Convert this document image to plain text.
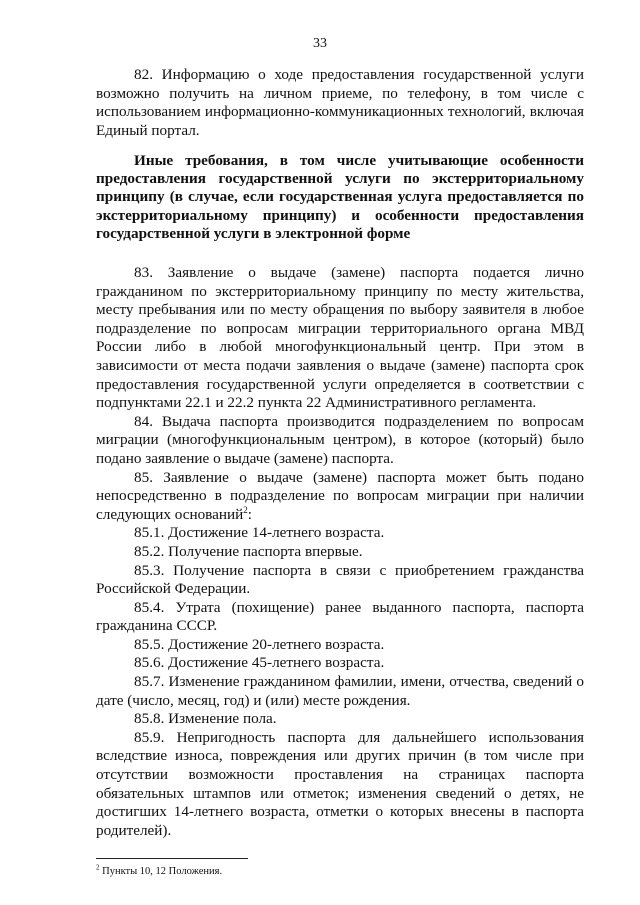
33

82. Информацию о ходе предоставления государственной услуги возможно получить на личном приеме, по телефону, в том числе с использованием информационно-коммуникационных технологий, включая Единый портал.

Иные требования, в том числе учитывающие особенности предоставления государственной услуги по экстерриториальному принципу (в случае, если государственная услуга предоставляется по экстерриториальному принципу) и особенности предоставления государственной услуги в электронной форме

83. Заявление о выдаче (замене) паспорта подается лично гражданином по экстерриториальному принципу по месту жительства, месту пребывания или по месту обращения по выбору заявителя в любое подразделение по вопросам миграции территориального органа МВД России либо в любой многофункциональный центр. При этом в зависимости от места подачи заявления о выдаче (замене) паспорта срок предоставления государственной услуги определяется в соответствии с подпунктами 22.1 и 22.2 пункта 22 Административного регламента.

84. Выдача паспорта производится подразделением по вопросам миграции (многофункциональным центром), в которое (который) было подано заявление о выдаче (замене) паспорта.

85. Заявление о выдаче (замене) паспорта может быть подано непосредственно в подразделение по вопросам миграции при наличии следующих оснований$^2$:

85.1. Достижение 14-летнего возраста.

85.2. Получение паспорта впервые.

85.3. Получение паспорта в связи с приобретением гражданства Российской Федерации.

85.4. Утрата (похищение) ранее выданного паспорта, паспорта гражданина СССР.

85.5. Достижение 20-летнего возраста.

85.6. Достижение 45-летнего возраста.

85.7. Изменение гражданином фамилии, имени, отчества, сведений о дате (число, месяц, год) и (или) месте рождения.

85.8. Изменение пола.

85.9. Непригодность паспорта для дальнейшего использования вследствие износа, повреждения или других причин (в том числе при отсутствии возможности проставления на страницах паспорта обязательных штампов или отметок; изменения сведений о детях, не достигших 14-летнего возраста, отметки о которых внесены в паспорта родителей).

$^2$ Пункты 10, 12 Положения.
